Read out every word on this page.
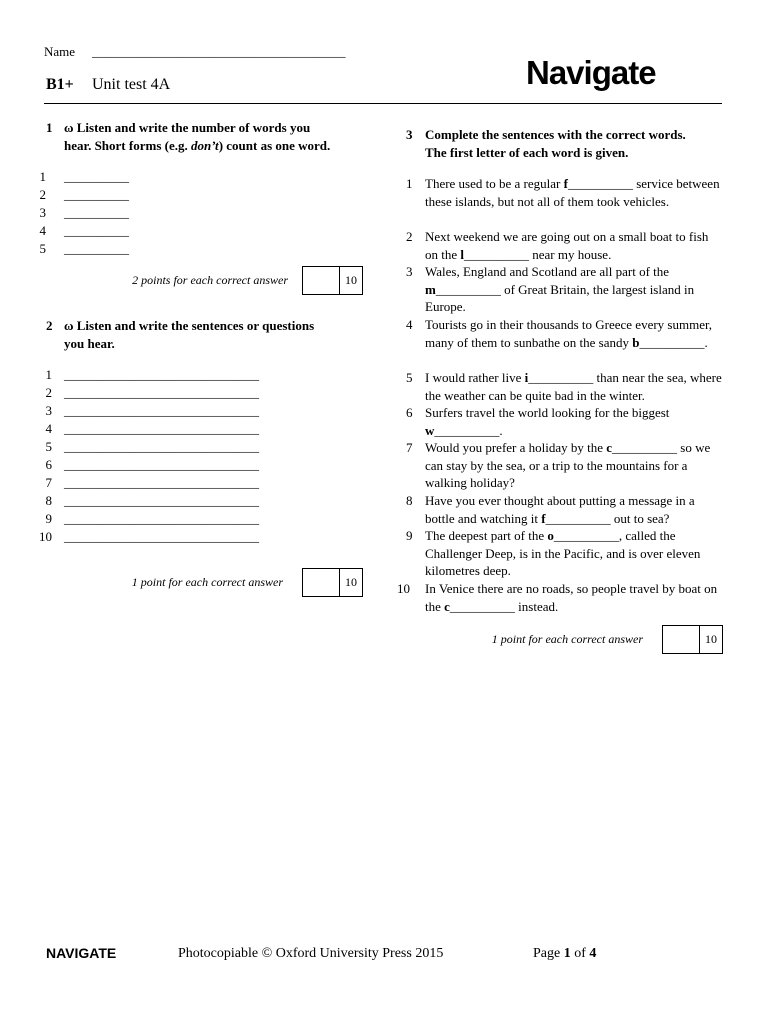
Name _______________________________________
B1+ Unit test 4A	Navigate
1 ω Listen and write the number of words you
hear. Short forms (e.g. don’t) count as one word.
1 __________
2 __________
3 __________
4 __________
5 __________
2 points for each correct answer	10
2 ω Listen and write the sentences or questions
you hear.
1 ______________________________
2 ______________________________
3 ______________________________
4 ______________________________
5 ______________________________
6 ______________________________
7 ______________________________
8 ______________________________
9 ______________________________
10 ______________________________
1 point for each correct answer	10
3 Complete the sentences with the correct words.
The first letter of each word is given.
1 There used to be a regular f__________ service between these islands, but not all of them took vehicles.
2 Next weekend we are going out on a small boat to fish on the l__________ near my house.
3 Wales, England and Scotland are all part of the m__________ of Great Britain, the largest island in Europe.
4 Tourists go in their thousands to Greece every summer, many of them to sunbathe on the sandy b__________.
5 I would rather live i__________ than near the sea, where the weather can be quite bad in the winter.
6 Surfers travel the world looking for the biggest w__________.
7 Would you prefer a holiday by the c__________ so we can stay by the sea, or a trip to the mountains for a walking holiday?
8 Have you ever thought about putting a message in a bottle and watching it f__________ out to sea?
9 The deepest part of the o__________, called the Challenger Deep, is in the Pacific, and is over eleven kilometres deep.
10	In Venice there are no roads, so people travel by boat on the c__________ instead.
1 point for each correct answer	10
NAVIGATE	Photocopiable © Oxford University Press 2015	Page 1 of 4
